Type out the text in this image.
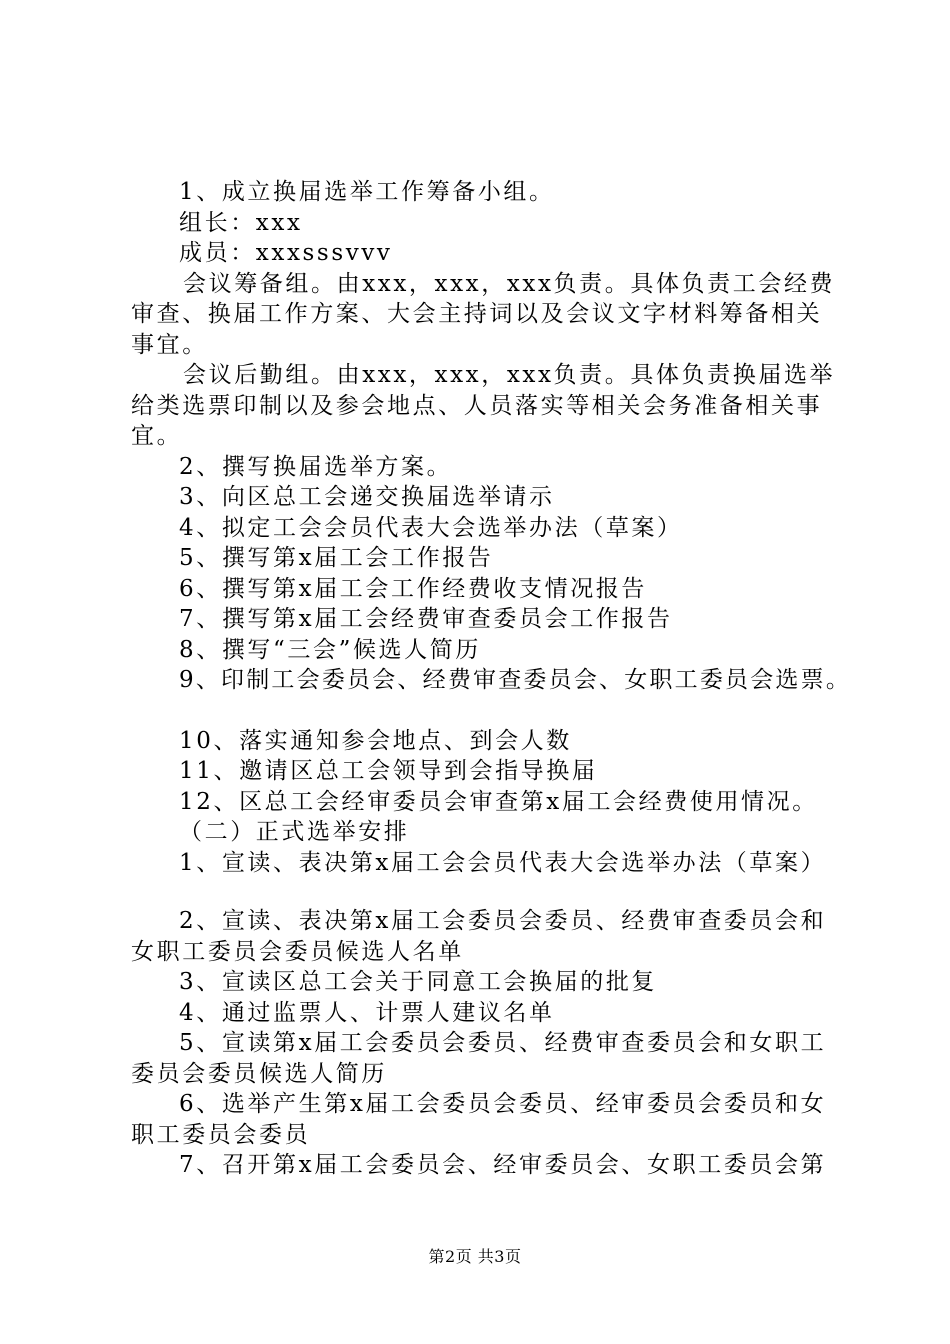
1、成立换届选举工作筹备小组。

组长：xxx

成员：xxxsssvvv

会议筹备组。由xxx，xxx，xxx负责。具体负责工会经费审查、换届工作方案、大会主持词以及会议文字材料筹备相关事宜。

会议后勤组。由xxx，xxx，xxx负责。具体负责换届选举给类选票印制以及参会地点、人员落实等相关会务准备相关事宜。

2、撰写换届选举方案。

3、向区总工会递交换届选举请示

4、拟定工会会员代表大会选举办法（草案）

5、撰写第x届工会工作报告

6、撰写第x届工会工作经费收支情况报告

7、撰写第x届工会经费审查委员会工作报告

8、撰写“三会”候选人简历

9、印制工会委员会、经费审查委员会、女职工委员会选票。

10、落实通知参会地点、到会人数

11、邀请区总工会领导到会指导换届

12、区总工会经审委员会审查第x届工会经费使用情况。

（二）正式选举安排

1、宣读、表决第x届工会会员代表大会选举办法（草案）

2、宣读、表决第x届工会委员会委员、经费审查委员会和女职工委员会委员候选人名单

3、宣读区总工会关于同意工会换届的批复

4、通过监票人、计票人建议名单

5、宣读第x届工会委员会委员、经费审查委员会和女职工委员会委员候选人简历

6、选举产生第x届工会委员会委员、经审委员会委员和女职工委员会委员

7、召开第x届工会委员会、经审委员会、女职工委员会第

第2页 共3页
